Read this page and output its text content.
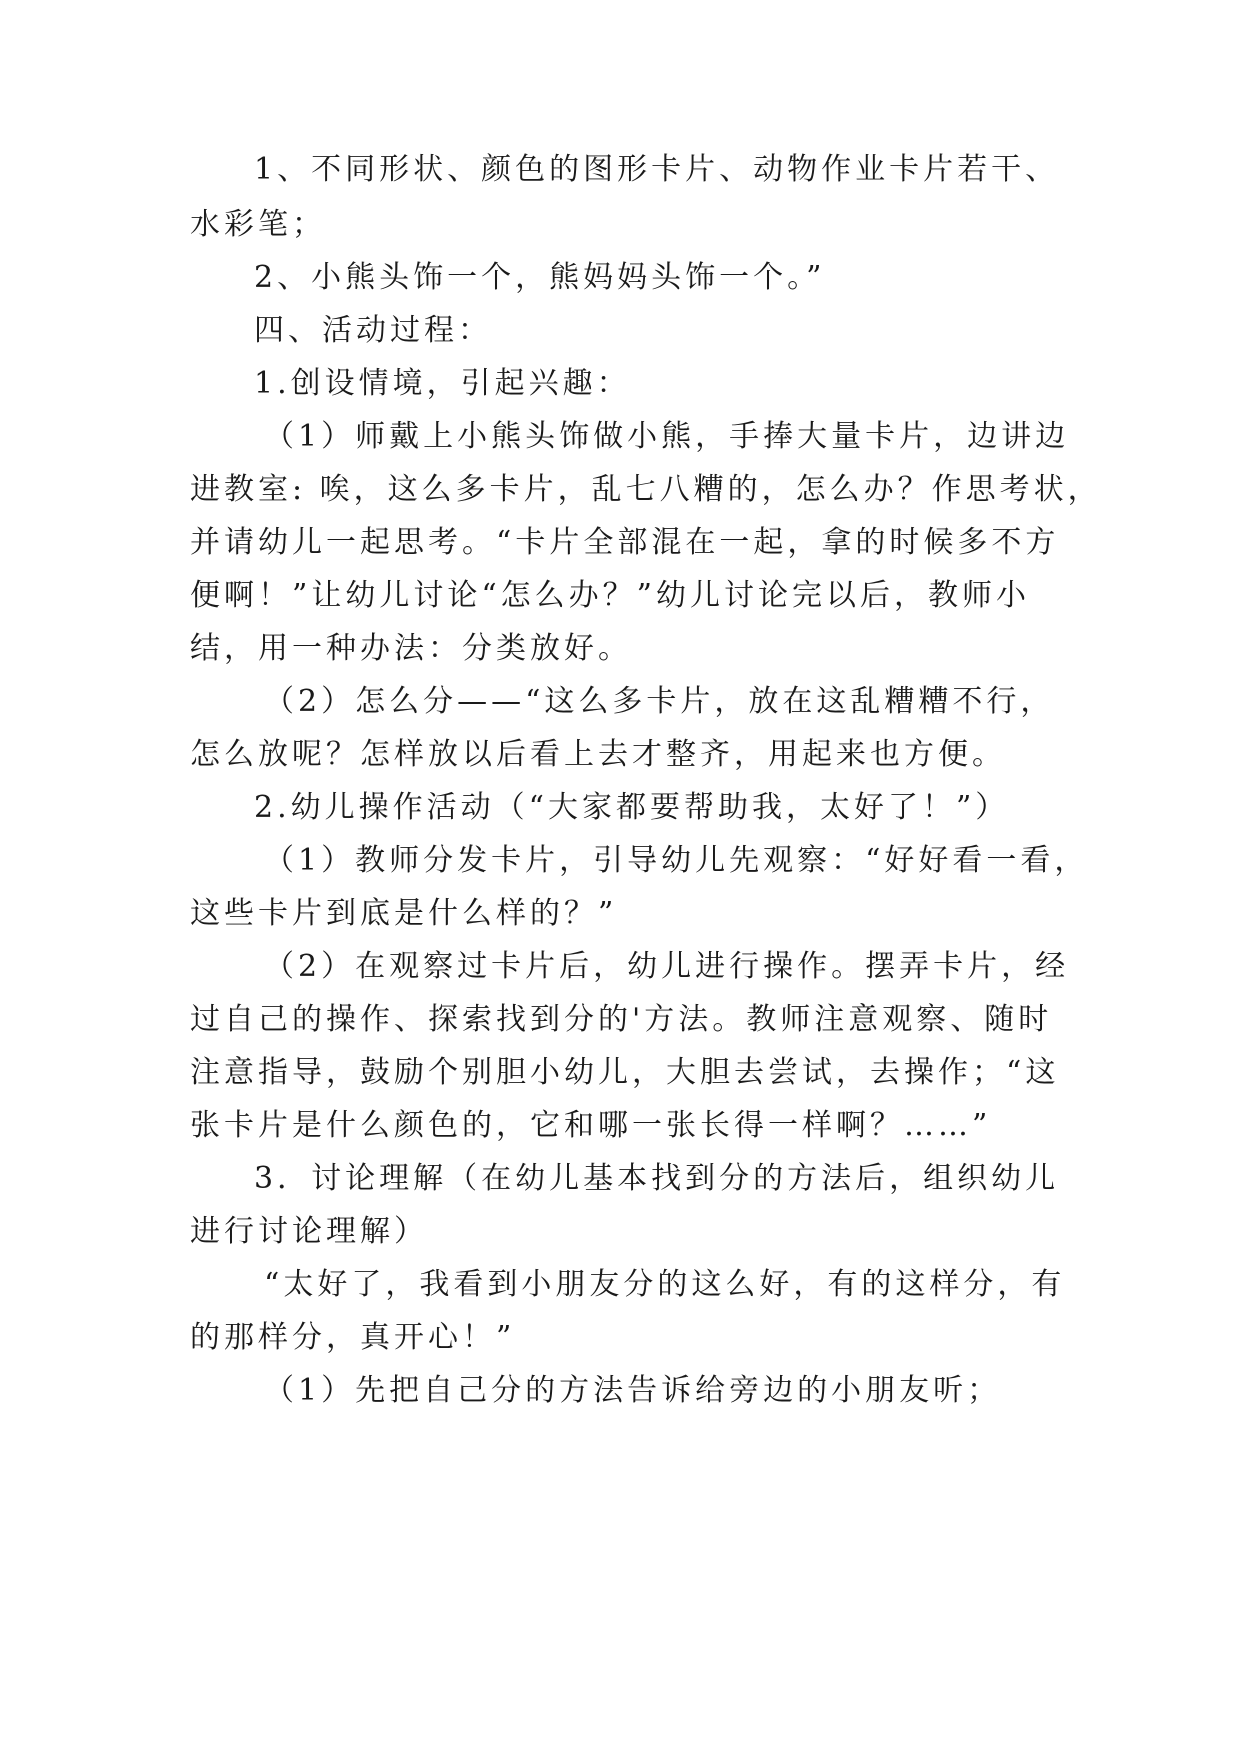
1、不同形状、颜色的图形卡片、动物作业卡片若干、
水彩笔；
2、小熊头饰一个，熊妈妈头饰一个。”
四、活动过程：
1.创设情境，引起兴趣：
（1）师戴上小熊头饰做小熊，手捧大量卡片，边讲边
进教室: 唉，这么多卡片，乱七八糟的，怎么办？作思考状，
并请幼儿一起思考。“卡片全部混在一起，拿的时候多不方
便啊！”让幼儿讨论“怎么办？”幼儿讨论完以后，教师小
结，用一种办法：分类放好。
（2）怎么分——“这么多卡片，放在这乱糟糟不行，
怎么放呢？怎样放以后看上去才整齐，用起来也方便。
2.幼儿操作活动（“大家都要帮助我，太好了！”）
（1）教师分发卡片，引导幼儿先观察：“好好看一看，
这些卡片到底是什么样的？”
（2）在观察过卡片后，幼儿进行操作。摆弄卡片，经
过自己的操作、探索找到分的'方法。教师注意观察、随时
注意指导，鼓励个别胆小幼儿，大胆去尝试，去操作；“这
张卡片是什么颜色的，它和哪一张长得一样啊？……”
3．讨论理解（在幼儿基本找到分的方法后，组织幼儿
进行讨论理解）
“太好了，我看到小朋友分的这么好，有的这样分，有
的那样分，真开心！”
（1）先把自己分的方法告诉给旁边的小朋友听；
